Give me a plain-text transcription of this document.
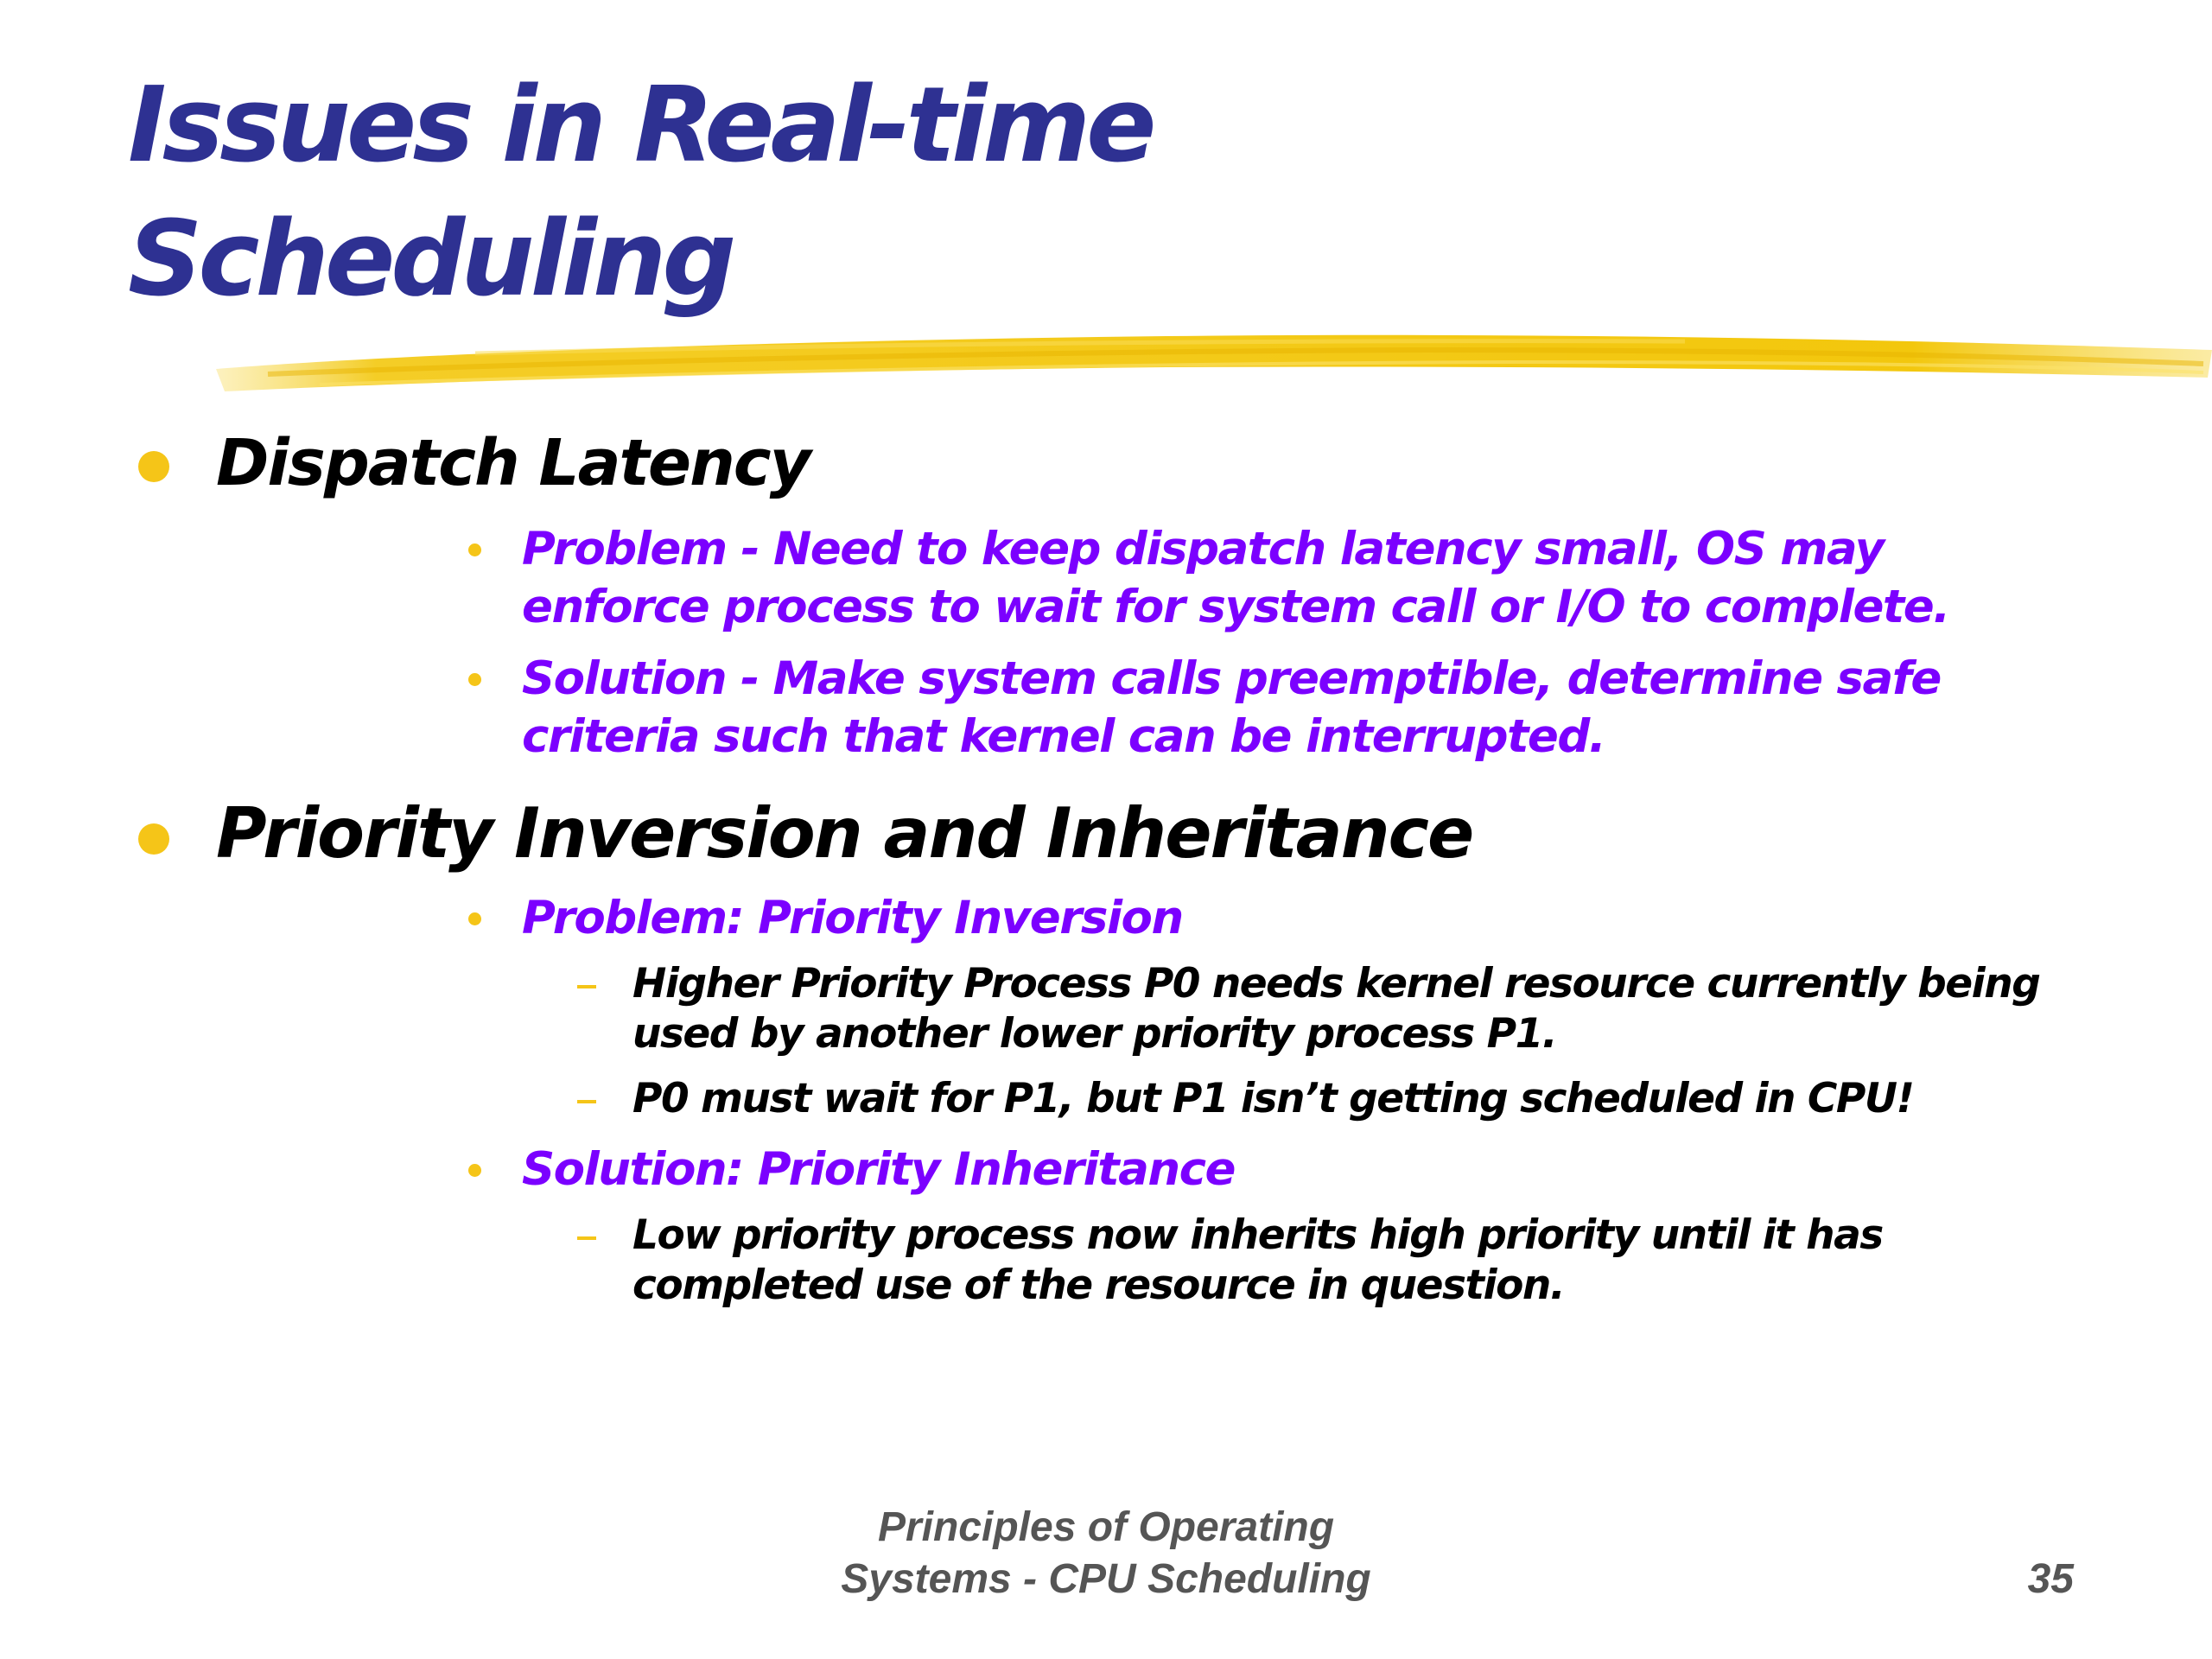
Issues in Real-time
Scheduling
Dispatch Latency
Problem - Need to keep dispatch latency small, OS may
enforce process to wait for system call or I/O to complete.
Solution - Make system calls preemptible, determine safe
criteria such that kernel can be interrupted.
Priority Inversion and Inheritance
Problem: Priority Inversion
Higher Priority Process P0 needs kernel resource currently being
used by another lower priority process P1.
P0 must wait for P1, but P1 isn’t getting scheduled in CPU!
Solution: Priority Inheritance
Low priority process now inherits high priority until it has
completed use of the resource in question.
Principles of Operating
Systems - CPU Scheduling	35
